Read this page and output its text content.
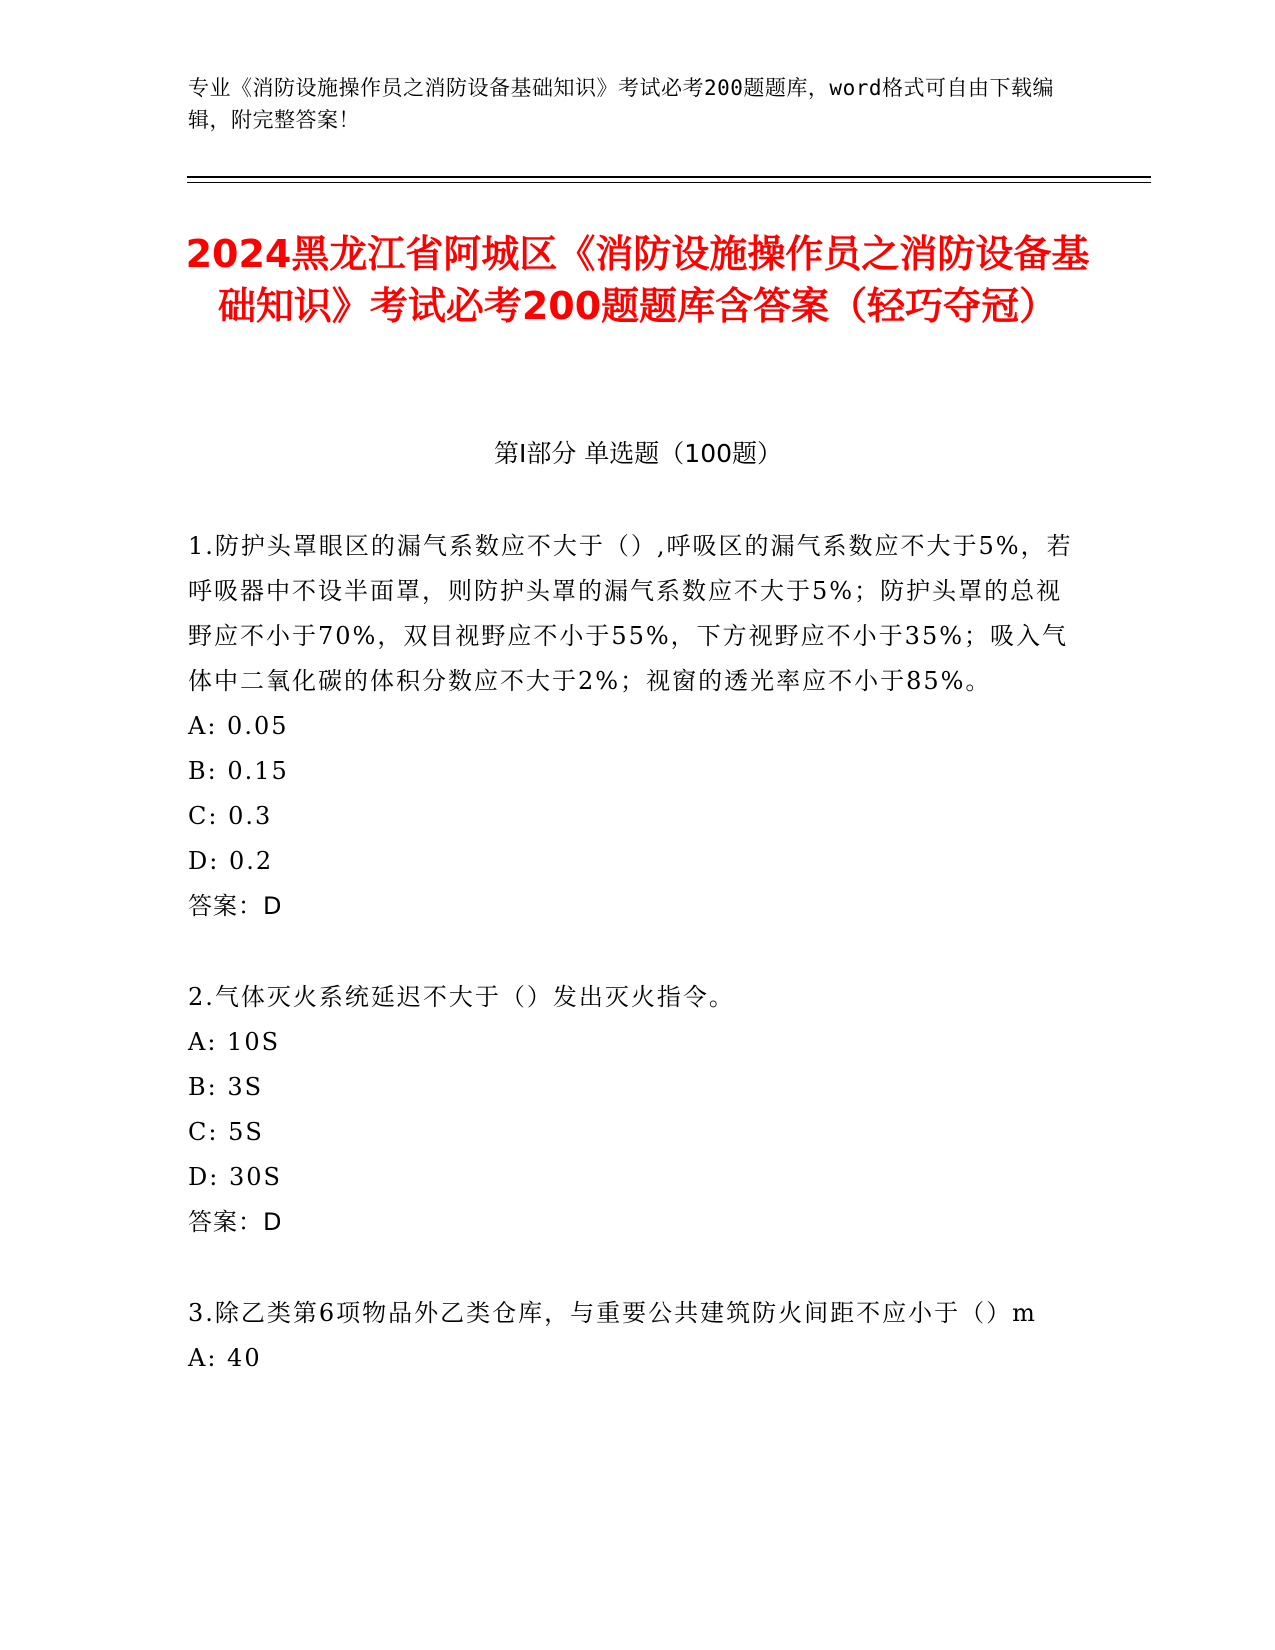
专业《消防设施操作员之消防设备基础知识》考试必考200题题库，word格式可自由下载编辑，附完整答案！
2024黑龙江省阿城区《消防设施操作员之消防设备基础知识》考试必考200题题库含答案（轻巧夺冠）
第I部分 单选题（100题）
1.防护头罩眼区的漏气系数应不大于（）,呼吸区的漏气系数应不大于5%，若呼吸器中不设半面罩，则防护头罩的漏气系数应不大于5%；防护头罩的总视野应不小于70%，双目视野应不小于55%，下方视野应不小于35%；吸入气体中二氧化碳的体积分数应不大于2%；视窗的透光率应不小于85%。
A: 0.05
B: 0.15
C: 0.3
D: 0.2
答案：D
2.气体灭火系统延迟不大于（）发出灭火指令。
A: 10S
B: 3S
C: 5S
D: 30S
答案：D
3.除乙类第6项物品外乙类仓库，与重要公共建筑防火间距不应小于（）m
A: 40
